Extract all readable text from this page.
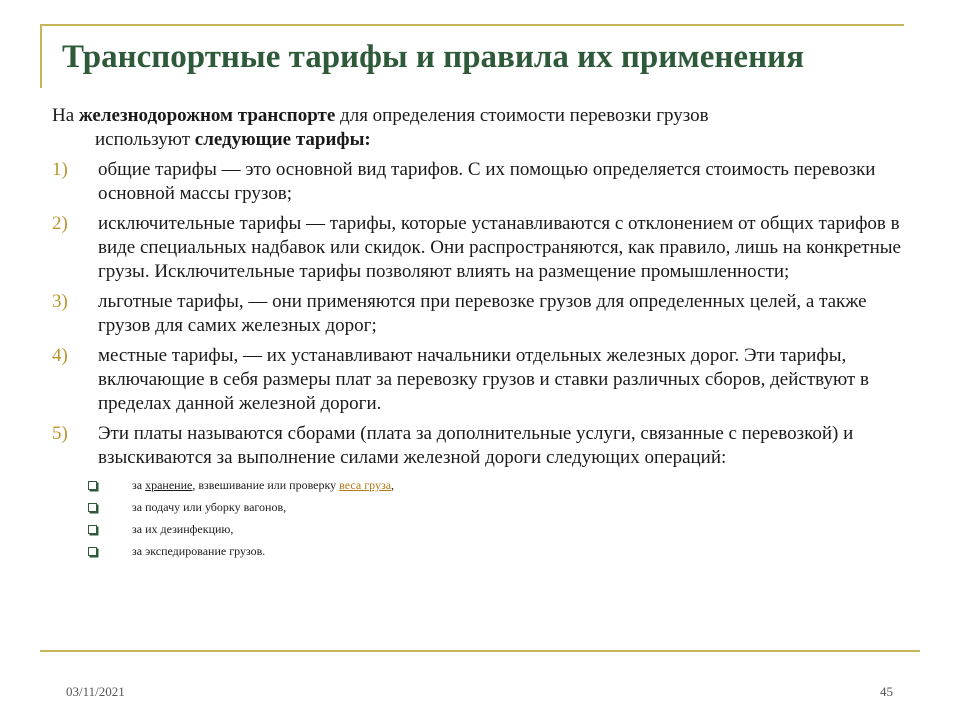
Транспортные тарифы и правила их применения
На железнодорожном транспорте для определения стоимости перевозки грузов
используют следующие тарифы:
1)	общие тарифы — это основной вид тарифов. С их помощью определяется стоимость перевозки основной массы грузов;
2)	исключительные тарифы — тарифы, которые устанавливаются с отклонением от общих тарифов в виде специальных надбавок или скидок. Они распространяются, как правило, лишь на конкретные грузы. Исключительные тарифы позволяют влиять на размещение промышленности;
3)	льготные тарифы, — они применяются при перевозке грузов для определенных целей, а также грузов для самих железных дорог;
4)	местные тарифы, — их устанавливают начальники отдельных железных дорог. Эти тарифы, включающие в себя размеры плат за перевозку грузов и ставки различных сборов, действуют в пределах данной железной дороги.
5)	Эти платы называются сборами (плата за дополнительные услуги, связанные с перевозкой) и взыскиваются за выполнение силами железной дороги следующих операций:
за хранение, взвешивание или проверку веса груза,
за подачу или уборку вагонов,
за их дезинфекцию,
за экспедирование грузов.
03/11/2021	45
